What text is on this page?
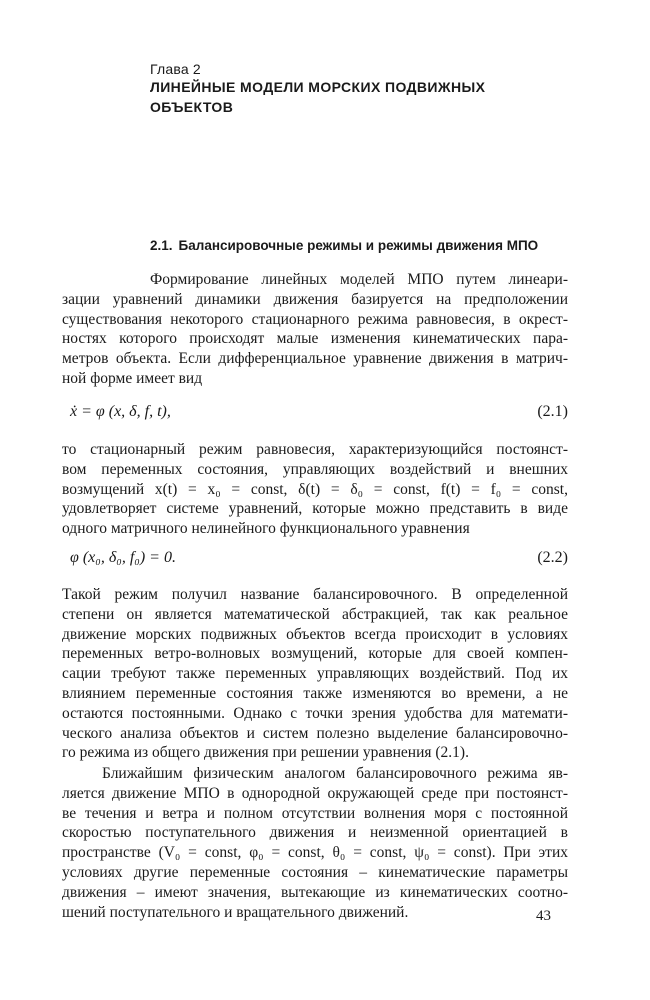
Глава 2
ЛИНЕЙНЫЕ МОДЕЛИ МОРСКИХ ПОДВИЖНЫХ
ОБЪЕКТОВ
2.1. Балансировочные режимы и режимы движения МПО
Формирование линейных моделей МПО путем линеари-
зации уравнений динамики движения базируется на предположении
существования некоторого стационарного режима равновесия, в окрест-
ностях которого происходят малые изменения кинематических пара-
метров объекта. Если дифференциальное уравнение движения в матрич-
ной форме имеет вид
ẋ = φ (x, δ, f, t),	(2.1)
то стационарный режим равновесия, характеризующийся постоянст-
вом переменных состояния, управляющих воздействий и внешних
возмущений x(t) = x₀ = const, δ(t) = δ₀ = const, f(t) = f₀ = const,
удовлетворяет системе уравнений, которые можно представить в виде
одного матричного нелинейного функционального уравнения
φ (x₀, δ₀, f₀) = 0.	(2.2)
Такой режим получил название балансировочного. В определенной
степени он является математической абстракцией, так как реальное
движение морских подвижных объектов всегда происходит в условиях
переменных ветро-волновых возмущений, которые для своей компен-
сации требуют также переменных управляющих воздействий. Под их
влиянием переменные состояния также изменяются во времени, а не
остаются постоянными. Однако с точки зрения удобства для математи-
ческого анализа объектов и систем полезно выделение балансировочно-
го режима из общего движения при решении уравнения (2.1).
Ближайшим физическим аналогом балансировочного режима яв-
ляется движение МПО в однородной окружающей среде при постоянст-
ве течения и ветра и полном отсутствии волнения моря с постоянной
скоростью поступательного движения и неизменной ориентацией в
пространстве (V₀ = const, φ₀ = const, θ₀ = const, ψ₀ = const). При этих
условиях другие переменные состояния – кинематические параметры
движения – имеют значения, вытекающие из кинематических соотно-
шений поступательного и вращательного движений.	43
